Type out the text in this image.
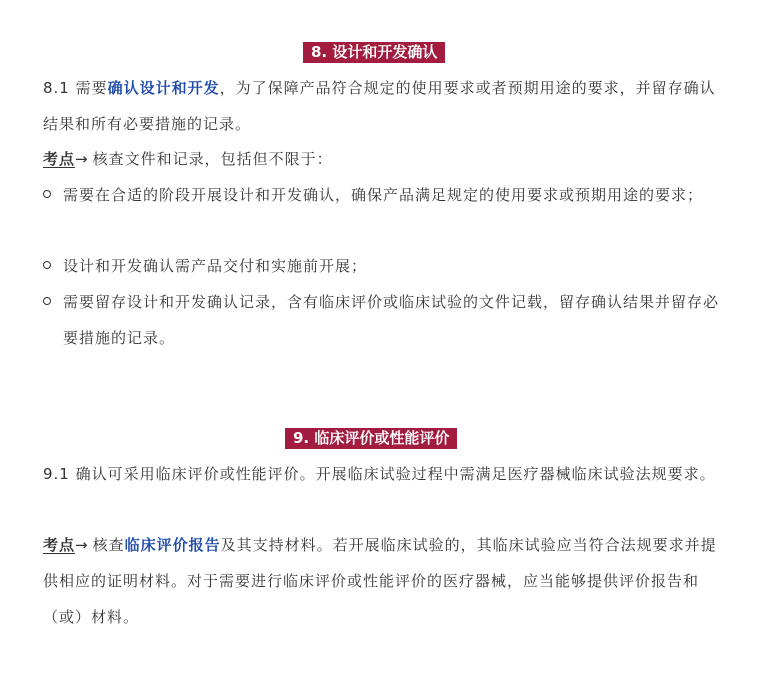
8. 设计和开发确认
8.1 需要确认设计和开发，为了保障产品符合规定的使用要求或者预期用途的要求，并留存确认结果和所有必要措施的记录。
考点→ 核查文件和记录，包括但不限于：
需要在合适的阶段开展设计和开发确认，确保产品满足规定的使用要求或预期用途的要求；
设计和开发确认需产品交付和实施前开展；
需要留存设计和开发确认记录，含有临床评价或临床试验的文件记载，留存确认结果并留存必要措施的记录。
9. 临床评价或性能评价
9.1 确认可采用临床评价或性能评价。开展临床试验过程中需满足医疗器械临床试验法规要求。
考点→ 核查临床评价报告及其支持材料。若开展临床试验的，其临床试验应当符合法规要求并提供相应的证明材料。对于需要进行临床评价或性能评价的医疗器械，应当能够提供评价报告和（或）材料。
